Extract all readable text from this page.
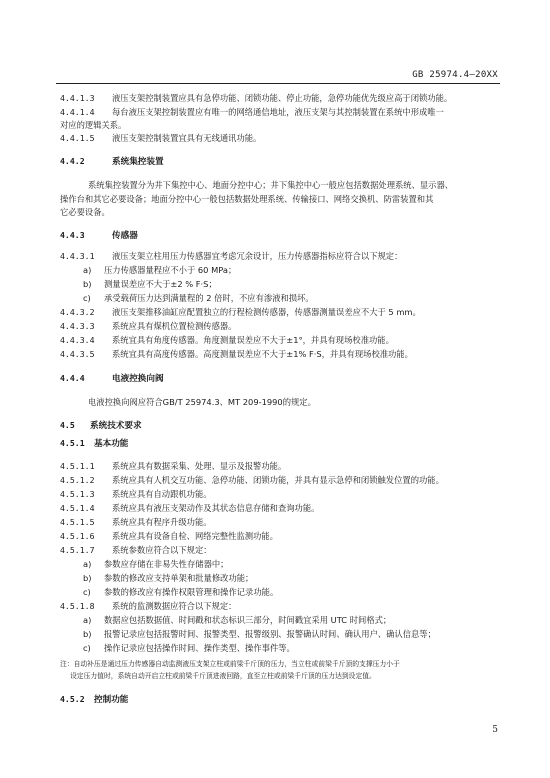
GB 25974.4—20XX
4.4.1.3 液压支架控制装置应具有急停功能、闭锁功能、停止功能，急停功能优先级应高于闭锁功能。
4.4.1.4 每台液压支架控制装置应有唯一的网络通信地址，液压支架与其控制装置在系统中形成唯一
对应的逻辑关系。
4.4.1.5 液压支架控制装置宜具有无线通讯功能。
4.4.2	系统集控装置
系统集控装置分为井下集控中心、地面分控中心；井下集控中心一般应包括数据处理系统、显示器、
操作台和其它必要设备；地面分控中心一般包括数据处理系统、传输接口、网络交换机、防雷装置和其
它必要设备。
4.4.3	传感器
4.4.3.1 液压支架立柱用压力传感器宜考虑冗余设计，压力传感器指标应符合以下规定：
a) 压力传感器量程应不小于 60 MPa；
b) 测量误差应不大于±2 % F·S；
c) 承受载荷压力达到满量程的 2 倍时，不应有渗液和损坏。
4.4.3.2 液压支架推移油缸应配置独立的行程检测传感器，传感器测量误差应不大于 5 mm。
4.4.3.3 系统应具有煤机位置检测传感器。
4.4.3.4 系统宜具有角度传感器。角度测量误差应不大于±1°，并具有现场校准功能。
4.4.3.5 系统宜具有高度传感器。高度测量误差应不大于±1% F·S，并具有现场校准功能。
4.4.4	电液控换向阀
电液控换向阀应符合GB/T 25974.3、MT 209-1990的规定。
4.5 系统技术要求
4.5.1 基本功能
4.5.1.1 系统应具有数据采集、处理、显示及报警功能。
4.5.1.2 系统应具有人机交互功能、急停功能、闭锁功能，并具有显示急停和闭锁触发位置的功能。
4.5.1.3 系统应具有自动跟机功能。
4.5.1.4 系统应具有液压支架动作及其状态信息存储和查询功能。
4.5.1.5 系统应具有程序升级功能。
4.5.1.6 系统应具有设备自检、网络完整性监测功能。
4.5.1.7 系统参数应符合以下规定：
a) 参数应存储在非易失性存储器中；
b) 参数的修改应支持单架和批量修改功能；
c) 参数的修改应有操作权限管理和操作记录功能。
4.5.1.8 系统的监测数据应符合以下规定：
a) 数据应包括数据值、时间戳和状态标识三部分，时间戳宜采用 UTC 时间格式；
b) 报警记录应包括报警时间、报警类型、报警级别、报警确认时间、确认用户、确认信息等；
c) 操作记录应包括操作时间、操作类型、操作事件等。
注：自动补压是通过压力传感器自动监测液压支架立柱或前梁千斤顶的压力，当立柱或前梁千斤顶的支撑压力小于
设定压力值时，系统自动开启立柱或前梁千斤顶进液回路，直至立柱或前梁千斤顶的压力达到设定值。
4.5.2 控制功能
5
